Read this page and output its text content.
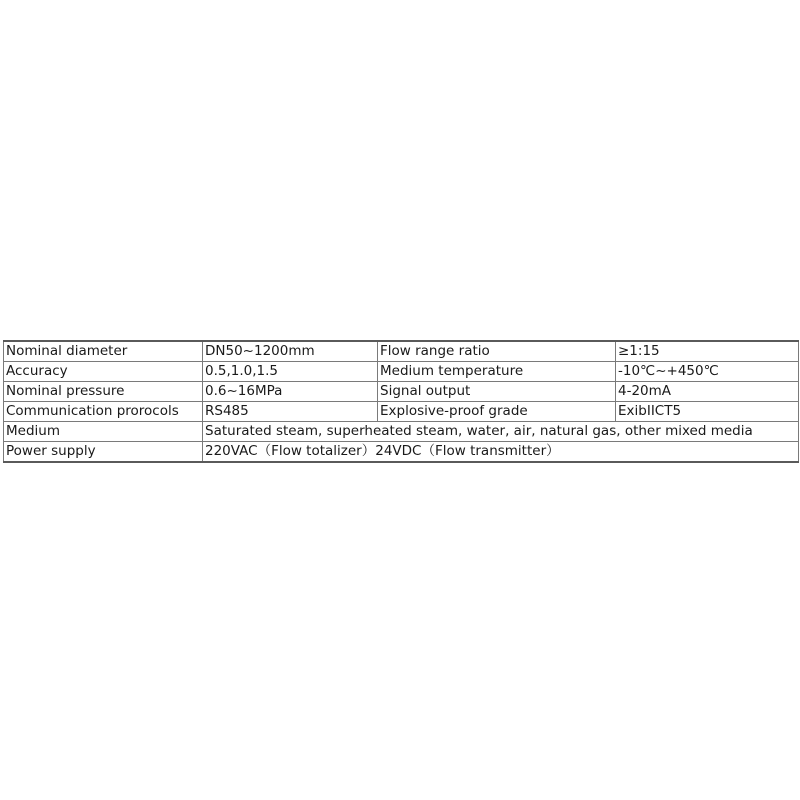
Nominal diameter	DN50~1200mm	Flow range ratio	≥1:15
Accuracy	0.5,1.0,1.5	Medium temperature	-10℃~+450℃
Nominal pressure	0.6~16MPa	Signal output	4-20mA
Communication prorocols	RS485	Explosive-proof grade	ExibIICT5
Medium	Saturated steam, superheated steam, water, air, natural gas, other mixed media		
Power supply	220VAC（Flow totalizer）24VDC（Flow transmitter）		
